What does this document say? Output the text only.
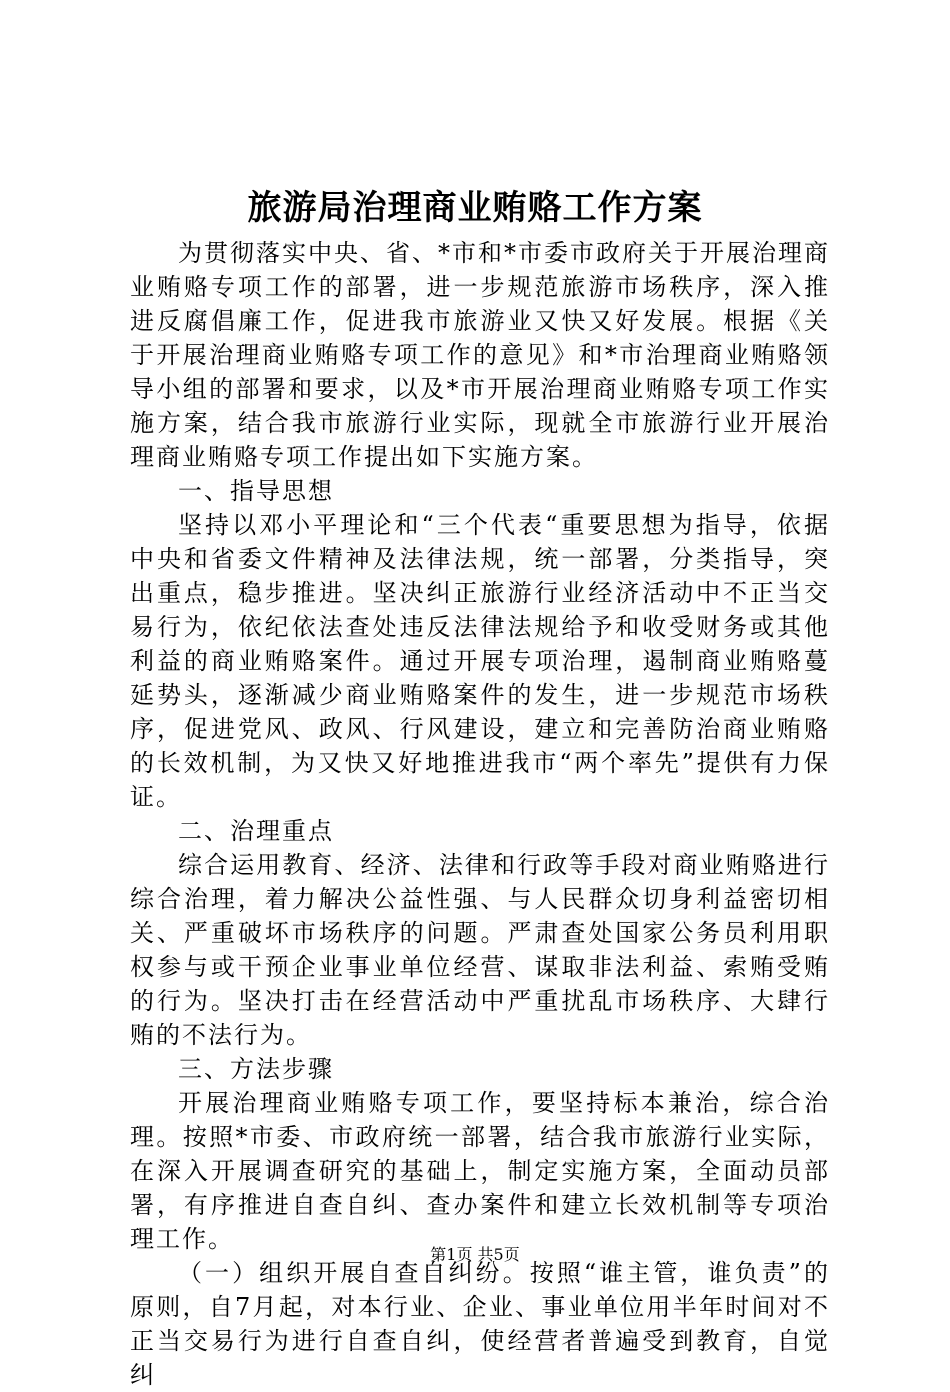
旅游局治理商业贿赂工作方案

为贯彻落实中央、省、*市和*市委市政府关于开展治理商业贿赂专项工作的部署，进一步规范旅游市场秩序，深入推进反腐倡廉工作，促进我市旅游业又快又好发展。根据《关于开展治理商业贿赂专项工作的意见》和*市治理商业贿赂领导小组的部署和要求，以及*市开展治理商业贿赂专项工作实施方案，结合我市旅游行业实际，现就全市旅游行业开展治理商业贿赂专项工作提出如下实施方案。

一、指导思想

坚持以邓小平理论和“三个代表“重要思想为指导，依据中央和省委文件精神及法律法规，统一部署，分类指导，突出重点，稳步推进。坚决纠正旅游行业经济活动中不正当交易行为，依纪依法查处违反法律法规给予和收受财务或其他利益的商业贿赂案件。通过开展专项治理，遏制商业贿赂蔓延势头，逐渐减少商业贿赂案件的发生，进一步规范市场秩序，促进党风、政风、行风建设，建立和完善防治商业贿赂的长效机制，为又快又好地推进我市“两个率先”提供有力保证。

二、治理重点

综合运用教育、经济、法律和行政等手段对商业贿赂进行综合治理，着力解决公益性强、与人民群众切身利益密切相关、严重破坏市场秩序的问题。严肃查处国家公务员利用职权参与或干预企业事业单位经营、谋取非法利益、索贿受贿的行为。坚决打击在经营活动中严重扰乱市场秩序、大肆行贿的不法行为。

三、方法步骤

开展治理商业贿赂专项工作，要坚持标本兼治，综合治理。按照*市委、市政府统一部署，结合我市旅游行业实际，在深入开展调查研究的基础上，制定实施方案，全面动员部署，有序推进自查自纠、查办案件和建立长效机制等专项治理工作。

（一）组织开展自查自纠纷。按照“谁主管，谁负责”的原则，自7月起，对本行业、企业、事业单位用半年时间对不正当交易行为进行自查自纠，使经营者普遍受到教育，自觉纠

第1页 共5页
